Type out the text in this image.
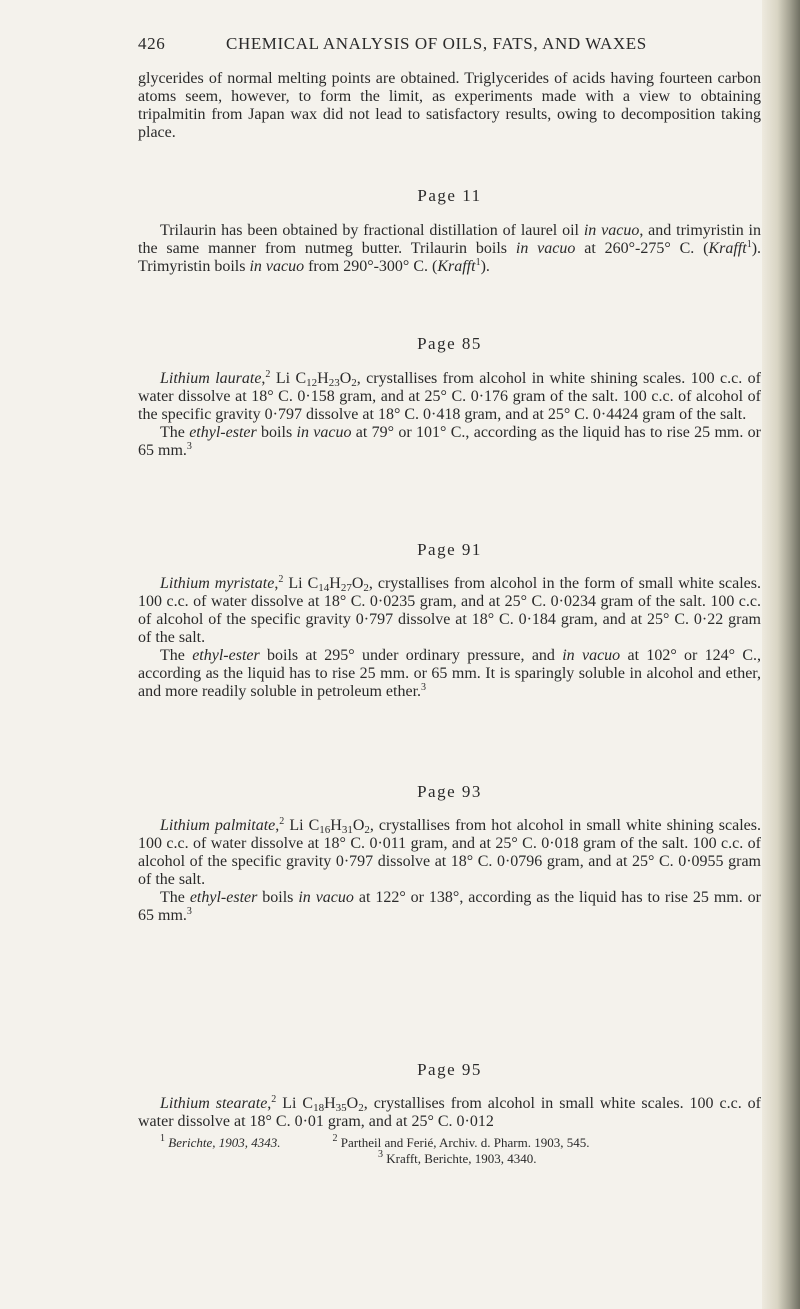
426	CHEMICAL ANALYSIS OF OILS, FATS, AND WAXES

glycerides of normal melting points are obtained. Triglycerides of acids having fourteen carbon atoms seem, however, to form the limit, as experiments made with a view to obtaining tripalmitin from Japan wax did not lead to satisfactory results, owing to decomposition taking place.

Page 11

Trilaurin has been obtained by fractional distillation of laurel oil in vacuo, and trimyristin in the same manner from nutmeg butter. Trilaurin boils in vacuo at 260°-275° C. (Krafft$^1$). Trimyristin boils in vacuo from 290°-300° C. (Krafft$^1$).

Page 85

Lithium laurate,$^2$ Li $C_{12}H_{23}O_2$, crystallises from alcohol in white shining scales. 100 c.c. of water dissolve at 18° C. 0·158 gram, and at 25° C. 0·176 gram of the salt. 100 c.c. of alcohol of the specific gravity 0·797 dissolve at 18° C. 0·418 gram, and at 25° C. 0·4424 gram of the salt.

The ethyl-ester boils in vacuo at 79° or 101° C., according as the liquid has to rise 25 mm. or 65 mm.$^3$

Page 91

Lithium myristate,$^2$ Li $C_{14}H_{27}O_2$, crystallises from alcohol in the form of small white scales. 100 c.c. of water dissolve at 18° C. 0·0235 gram, and at 25° C. 0·0234 gram of the salt. 100 c.c. of alcohol of the specific gravity 0·797 dissolve at 18° C. 0·184 gram, and at 25° C. 0·22 gram of the salt.

The ethyl-ester boils at 295° under ordinary pressure, and in vacuo at 102° or 124° C., according as the liquid has to rise 25 mm. or 65 mm. It is sparingly soluble in alcohol and ether, and more readily soluble in petroleum ether.$^3$

Page 93

Lithium palmitate,$^2$ Li $C_{16}H_{31}O_2$, crystallises from hot alcohol in small white shining scales. 100 c.c. of water dissolve at 18° C. 0·011 gram, and at 25° C. 0·018 gram of the salt. 100 c.c. of alcohol of the specific gravity 0·797 dissolve at 18° C. 0·0796 gram, and at 25° C. 0·0955 gram of the salt.

The ethyl-ester boils in vacuo at 122° or 138°, according as the liquid has to rise 25 mm. or 65 mm.$^3$

Page 95

Lithium stearate,$^2$ Li $C_{18}H_{35}O_2$, crystallises from alcohol in small white scales. 100 c.c. of water dissolve at 18° C. 0·01 gram, and at 25° C. 0·012

$^1$ Berichte, 1903, 4343.	$^2$ Partheil and Ferié, Archiv. d. Pharm. 1903, 545.
$^3$ Krafft, Berichte, 1903, 4340.
